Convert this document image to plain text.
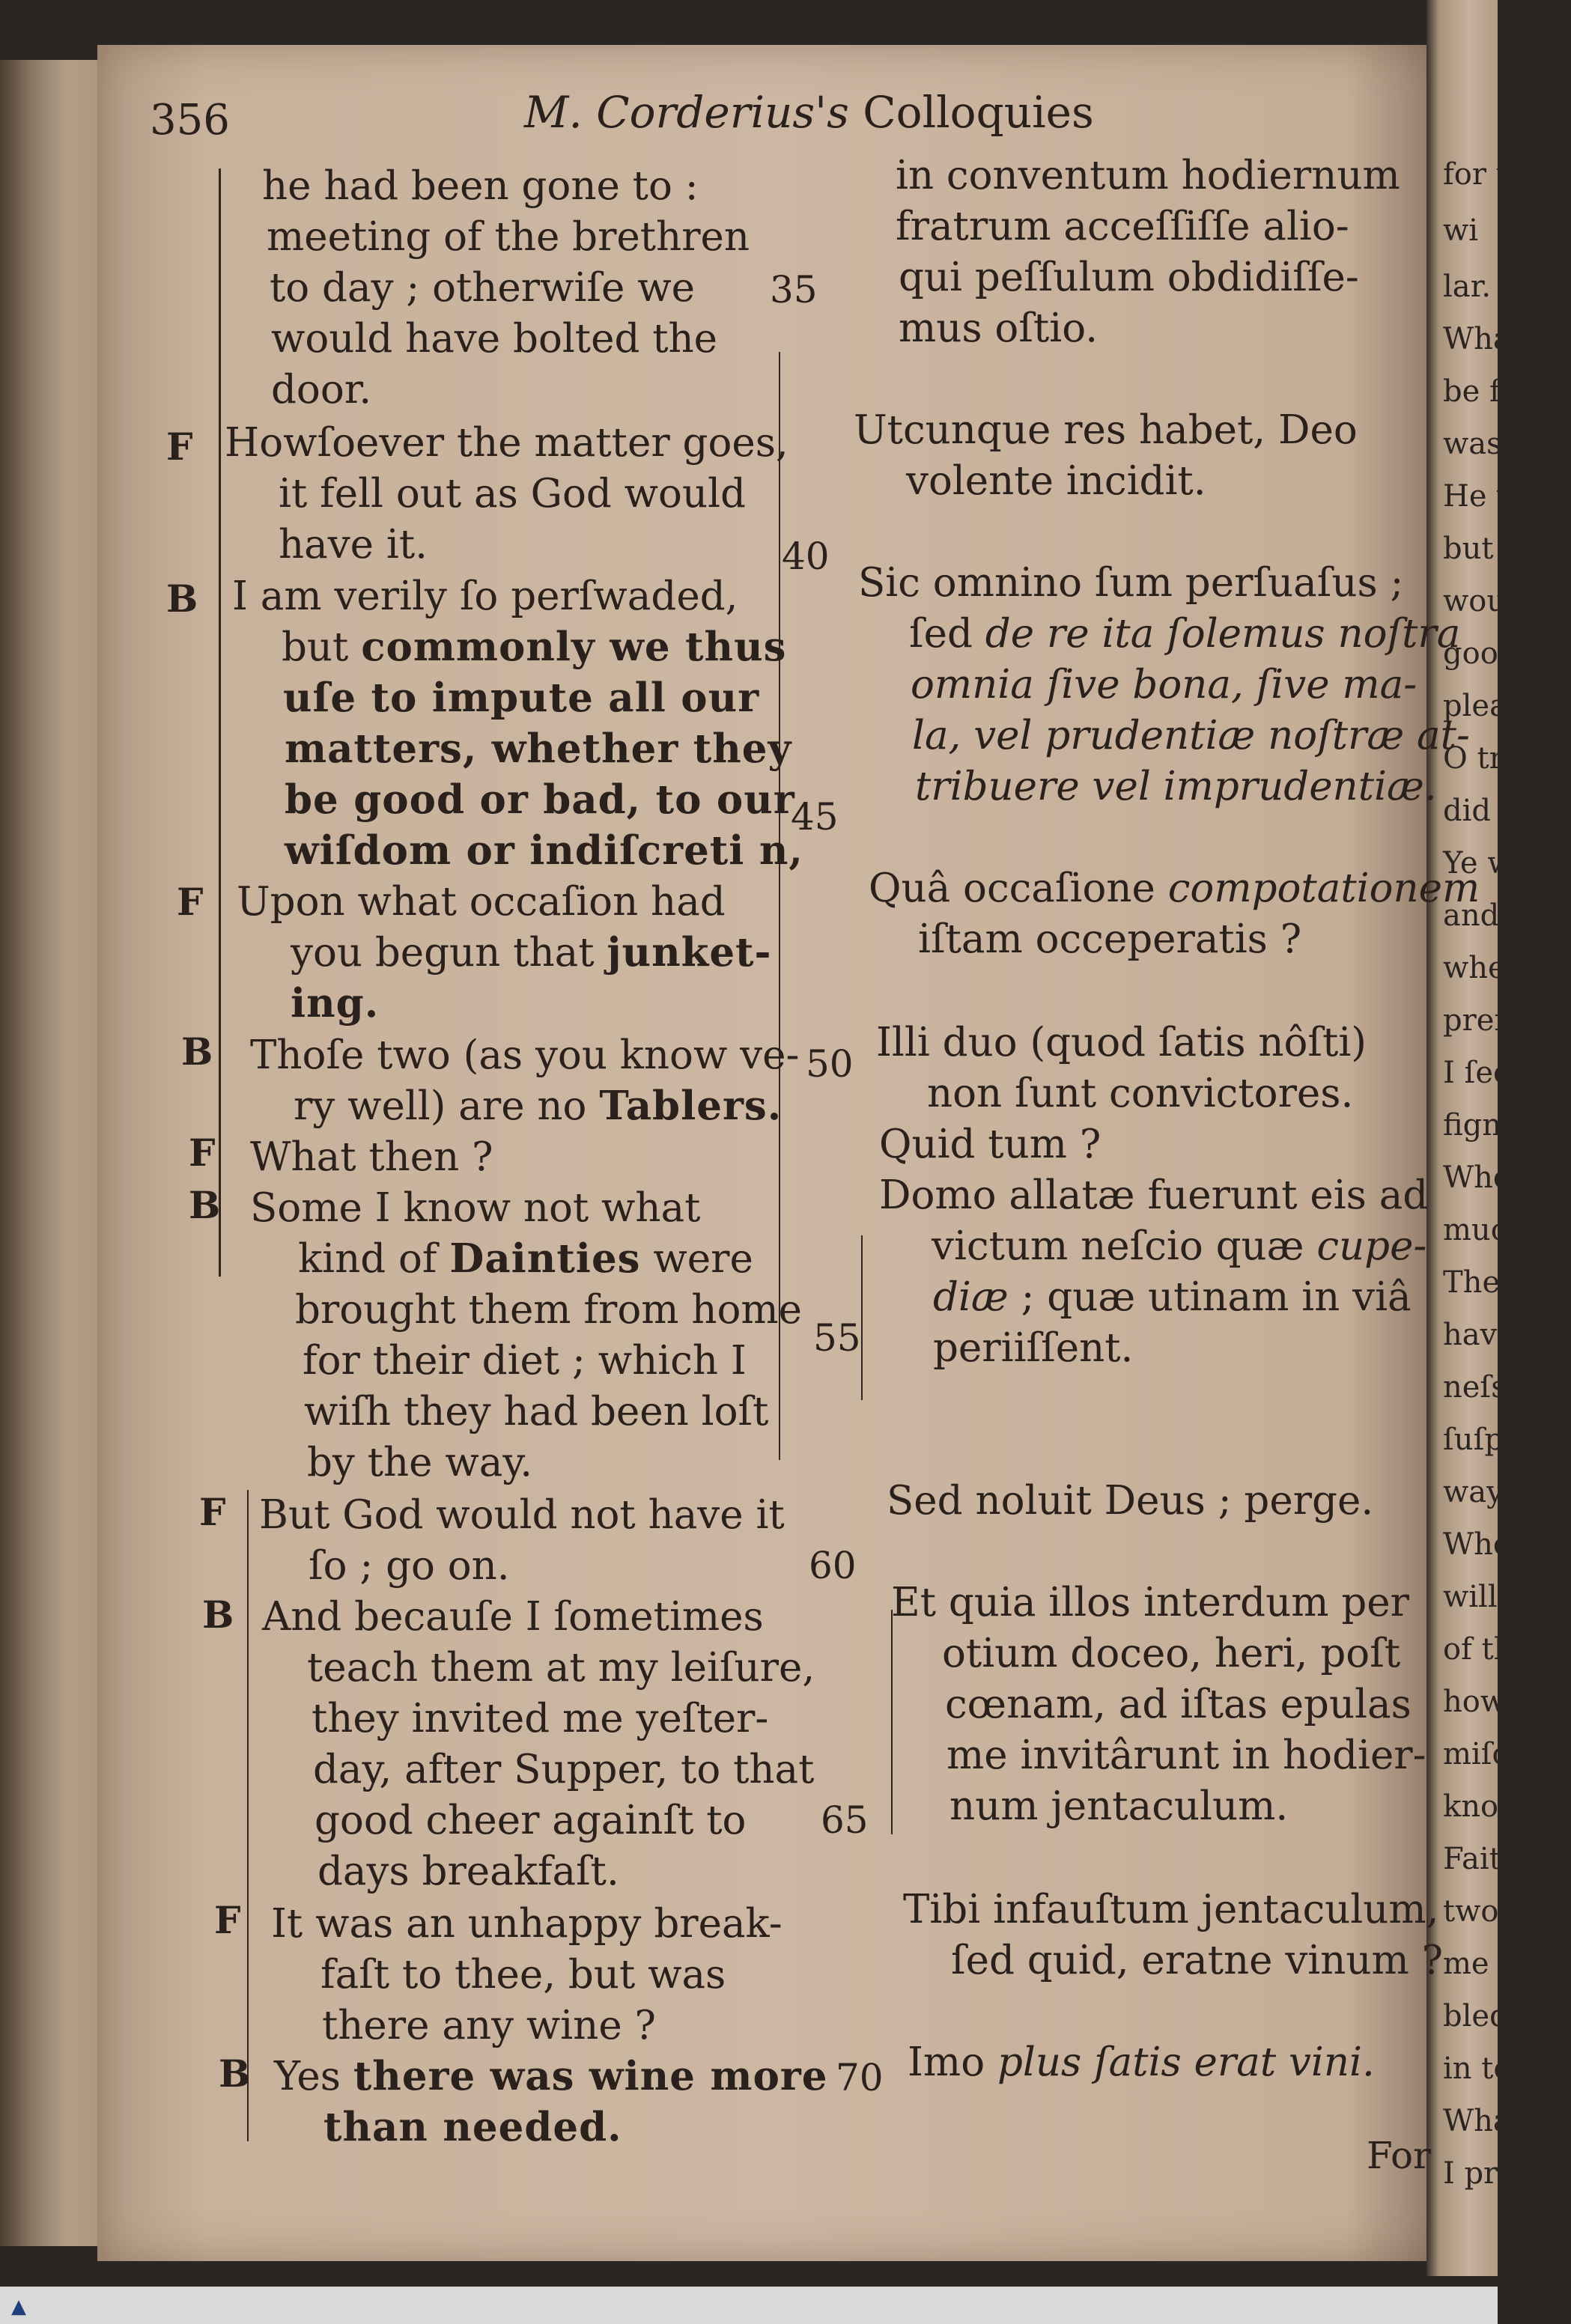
for t
wi
lar.
What
be f
was
He wa
but
woul
goo
plea
O trou
did y
Ye we
and f
whe
prefe
I ſee he
figns a
Who w
much
The M
have f
neſs fo
ſuſpect
way c
Whom c
will tel
of the
how the
miſchie
know no
Faith
two th
me fee
bled at
in ter
What ca
I pray
356	M. Corderius's Colloquies
F
B
F
B
F
B
F
B
F
B
he had been gone to :
meeting of the brethren
to day ; otherwiſe we
would have bolted the
door.
Howſoever the matter goes,
it fell out as God would
have it.
I am verily ſo perſwaded,
but commonly we thus
uſe to impute all our
matters, whether they
be good or bad, to our
wiſdom or indiſcreti n,
Upon what occaſion had
you begun that junket-
ing.
Thoſe two (as you know ve-
ry well) are no Tablers.
What then ?
Some I know not what
kind of Dainties were
brought them from home
for their diet ; which I
wiſh they had been loſt
by the way.
But God would not have it
ſo ; go on.
And becauſe I ſometimes
teach them at my leiſure,
they invited me yeſter-
day, after Supper, to that
good cheer againſt to
days breakfaſt.
It was an unhappy break-
faſt to thee, but was
there any wine ?
Yes there was wine more
than needed.
35
40
45
50
55
60
65
70
in conventum hodiernum
fratrum acceſſiſſe alio-
qui peſſulum obdidiſſe-
mus oſtio.
Utcunque res habet, Deo
volente incidit.
Sic omnino ſum perſuaſus ;
ſed de re ita ſolemus noſtra
omnia ſive bona, ſive ma-
la, vel prudentiæ noſtræ at-
tribuere vel imprudentiæ.
Quâ occaſione compotationem
iſtam occeperatis ?
Illi duo (quod ſatis nôſti)
non ſunt convictores.
Quid tum ?
Domo allatæ fuerunt eis ad
victum neſcio quæ cupe-
diæ ; quæ utinam in viâ
periiſſent.
Sed noluit Deus ; perge.
Et quia illos interdum per
otium doceo, heri, poſt
cœnam, ad iſtas epulas
me invitârunt in hodier-
num jentaculum.
Tibi infauſtum jentaculum,
ſed quid, eratne vinum ?
Imo plus ſatis erat vini.
For
▲
